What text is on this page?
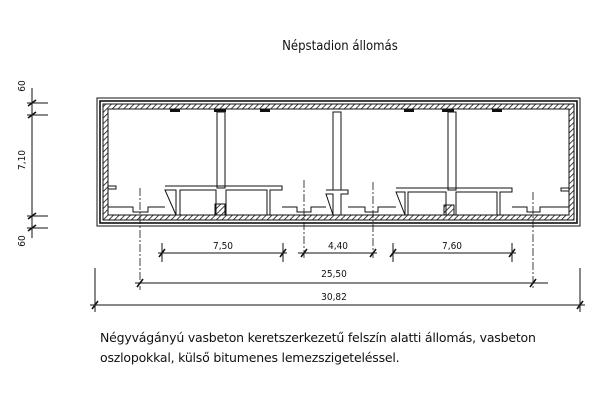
Népstadion állomás
60
7,10
60	7,50	4,40	7,60
25,50
30,82
Négyvágányú vasbeton keretszerkezetű felszín alatti állomás, vasbeton
oszlopokkal, külső bitumenes lemezszigeteléssel.
